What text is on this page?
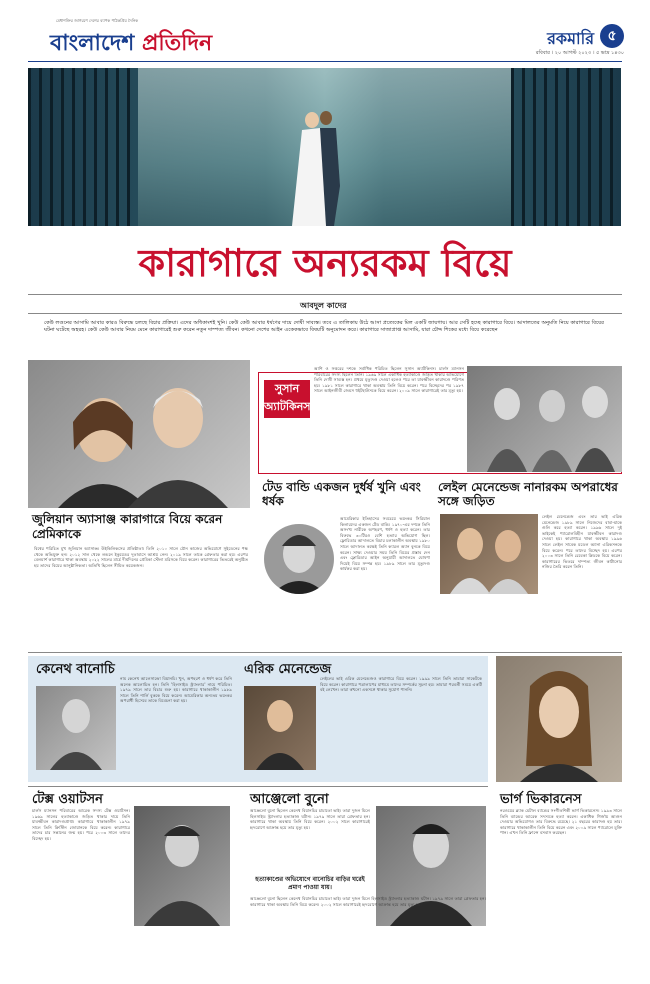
মেধাশক্তির জাগরণে দেশের ব্যাপক পাঠকপ্রিয় দৈনিক
বাংলাদেশ প্রতিদিন	রকমারি ৫
রবিবার । ২০ আগস্ট ২০২৩ । ৫ ভাদ্র ১৪৩০
কারাগারে অন্যরকম বিয়ে
আবদুল কাদের
কেউ লণ্ডনের আসামি আবার কারও বিরুদ্ধে চলছে বিচার প্রক্রিয়া। এদের অধিকাংশই খুনি। কেউ কেউ আবার ধর্ষণের দায়ে দোষী সাব্যস্ত। তবে এ তালিকায় উঠে আসা প্রত্যেকের মিল একটি জায়গায়। আর সেটি হচ্ছে কারাগারে বিয়ে। আদালতের অনুমতি নিয়ে কারাগারে বিয়ের ঘটনা ঘটেছে অহরহ। কেউ কেউ আবার নিয়ম মেনে কারাগারেই শুরু করেন নতুন দাম্পত্য জীবন। কখনো দেশের আইন একেকভাবে বিষয়টি অনুমোদন করে। কারাগারে সাজাপ্রাপ্ত আসামি, যারা চৌদ্দ শিকের মধ্যে বিয়ে করেছেন
জুলিয়ান অ্যাসাঞ্জ কারাগারে বিয়ে করেন প্রেমিকাকে
বিশ্বের পরিচিত মুখ জুলিয়ান অ্যাসাঞ্জ। উইকিলিকসের প্রতিষ্ঠাতা। তিনি ২০১০ সালে যৌন কাজের অভিযোগে সুইডেনের পক্ষ থেকে অভিযুক্ত হন। ২০১২ সাল থেকে লন্ডনে ইকুয়েডর দূতাবাসে আশ্রয় নেন। ২০১৯ সালে তাকে গ্রেফতার করা হয়। এরপর বেলমার্শ কারাগারে থাকা অবস্থায় ২০২২ সালের মার্চে দীর্ঘদিনের প্রেমিকা স্টেলা মরিসকে বিয়ে করেন। কারাগারের ভিতরেই অনুষ্ঠিত হয় তাদের বিয়ের আনুষ্ঠানিকতা। অতিথি ছিলেন সীমিত কয়েকজন।
সুসান অ্যাটকিনস
আশি ও সত্তরের দশকে সর্বাধিক পরিচিত ছিলেন সুসান অ্যাটকিনস। চার্লস ম্যানসন পরিবারের সদস্য ছিলেন তিনি। ১৯৬৯ সালে একাধিক হত্যাকাণ্ডে জড়িত থাকার অভিযোগে তিনি দোষী সাব্যস্ত হন। প্রথমে মৃত্যুদণ্ড দেওয়া হলেও পরে তা যাবজ্জীবন কারাদণ্ডে পরিণত হয়। ১৯৮১ সালে কারাগারে থাকা অবস্থায় তিনি বিয়ে করেন। পরে বিচ্ছেদের পর ১৯৮৭ সালে আইনজীবী জেমস হুইটহাউসকে বিয়ে করেন। ২০০৯ সালে কারাগারেই তার মৃত্যু হয়।
টেড বান্ডি একজন দুর্ধর্ষ খুনি এবং ধর্ষক
আমেরিকার ইতিহাসের সবচেয়ে ভয়ংকর সিরিয়াল কিলারদের একজন টেড বান্ডি। ১৯৭০-এর দশকে তিনি অসংখ্য নারীকে অপহরণ, ধর্ষণ ও হত্যা করেন। তার বিরুদ্ধে ৩০টিরও বেশি হত্যার অভিযোগ ছিল। ফ্লোরিডার আদালতে বিচার চলাকালীন অবস্থায় ১৯৮০ সালে আদালত কক্ষেই তিনি ক্যারল অ্যান বুনকে বিয়ে করেন। সাক্ষ্য দেওয়ার সময় তিনি বিয়ের প্রস্তাব দেন এবং ফ্লোরিডার আইন অনুযায়ী আদালতে ঘোষণা দিয়েই বিয়ে সম্পন্ন হয়। ১৯৮৯ সালে তার মৃত্যুদণ্ড কার্যকর করা হয়।
লেইল মেনেন্ডেজ নানারকম অপরাধের সঙ্গে জড়িত
লেইল মেনেন্ডেজ এবং তার ভাই এরিক মেনেন্ডেজ ১৯৮৯ সালে নিজেদের বাবা-মাকে গুলি করে হত্যা করেন। ১৯৯৬ সালে দুই ভাইকেই প্যারোলবিহীন যাবজ্জীবন কারাদণ্ড দেওয়া হয়। কারাগারে থাকা অবস্থায় ১৯৯৬ সালে লেইল সাবেক মডেল অ্যানা এরিকসনকে বিয়ে করেন। পরে তাদের বিচ্ছেদ হয়। এরপর ২০০৩ সালে তিনি রেবেকা স্নিডকে বিয়ে করেন। কারাগারের ভিতরে দাম্পত্য জীবন কাটানোর নজির তৈরি করেন তিনি।
কেনেথ বানোচি
নাম কেনেথ আলেসান্দ্রো বিয়ানচি। খুন, অপহরণ ও ধর্ষণ করে তিনি অনেক আলোচিত হন। তিনি 'হিলসাইড স্ট্র্যাংলার' নামে পরিচিত। ১৯৭৯ সালে তার বিচার শুরু হয়। কারাগারে থাকাকালীন ১৯৮৯ সালে তিনি শার্লি বুককে বিয়ে করেন। আমেরিকার অন্যতম ভয়ংকর অপরাধী হিসেবে তাকে বিবেচনা করা হয়।
এরিক মেনেন্ডেজ
লেইলের ভাই এরিক মেনেন্ডেজও কারাগারে বিয়ে করেন। ১৯৯৯ সালে তিনি তামারা সাকেটকে বিয়ে করেন। কারাগারে পত্রালাপের মাধ্যমে তাদের সম্পর্কের সূচনা হয়। তামারা পরবর্তী সময়ে একটি বই লেখেন। তারা কখনো একসঙ্গে থাকার সুযোগ পাননি।
ভার্গ ভিকারনেস
নরওয়ের ব্ল্যাক মেটাল ব্যান্ডের সংগীতশিল্পী ভার্গ ভিকারনেস। ১৯৯৩ সালে তিনি ব্যান্ডের আরেক সদস্যকে হত্যা করেন। একাধিক গির্জায় আগুন দেওয়ার অভিযোগও তার বিরুদ্ধে রয়েছে। ২১ বছরের কারাদণ্ড হয় তার। কারাগারে থাকাকালীন তিনি বিয়ে করেন এবং ২০০৯ সালে প্যারোলে মুক্তি পান। এখন তিনি ফ্রান্সে বসবাস করছেন।
টেক্স ওয়াটসন
চার্লস ম্যানসন পরিবারের আরেক সদস্য টেক্স ওয়াটসন। ১৯৬৯ সালের হত্যাকাণ্ডে জড়িত থাকার দায়ে তিনি যাবজ্জীবন কারাদণ্ডপ্রাপ্ত। কারাগারে থাকাকালীন ১৯৭৯ সালে তিনি ক্রিস্টিন জোয়ানকে বিয়ে করেন। কারাগারে তাদের চার সন্তানের জন্ম হয়। পরে ২০০৩ সালে তাদের বিচ্ছেদ হয়।
আঞ্জেলো বুনো
আঞ্জেলো বুনো ছিলেন কেনেথ বিয়ানচির চাচাতো ভাই। তারা দুজন মিলে হিলসাইড স্ট্র্যাংলার হত্যাকাণ্ড ঘটান। ১৯৭৯ সালে তারা গ্রেফতার হন। কারাগারে থাকা অবস্থায় তিনি বিয়ে করেন। ২০০২ সালে কারাগারেই হৃদরোগে আক্রান্ত হয়ে তার মৃত্যু হয়।
হত্যাকাণ্ডের অভিযোগে বানোচির বাড়ির ঘরেই প্রমাণ পাওয়া যায়।
আঞ্জেলো বুনো ছিলেন কেনেথ বিয়ানচির চাচাতো ভাই। তারা দুজন মিলে হিলসাইড স্ট্র্যাংলার হত্যাকাণ্ড ঘটান। ১৯৭৯ সালে তারা গ্রেফতার হন। কারাগারে থাকা অবস্থায় তিনি বিয়ে করেন। ২০০২ সালে কারাগারেই হৃদরোগে আক্রান্ত হয়ে তার মৃত্যু হয়।
